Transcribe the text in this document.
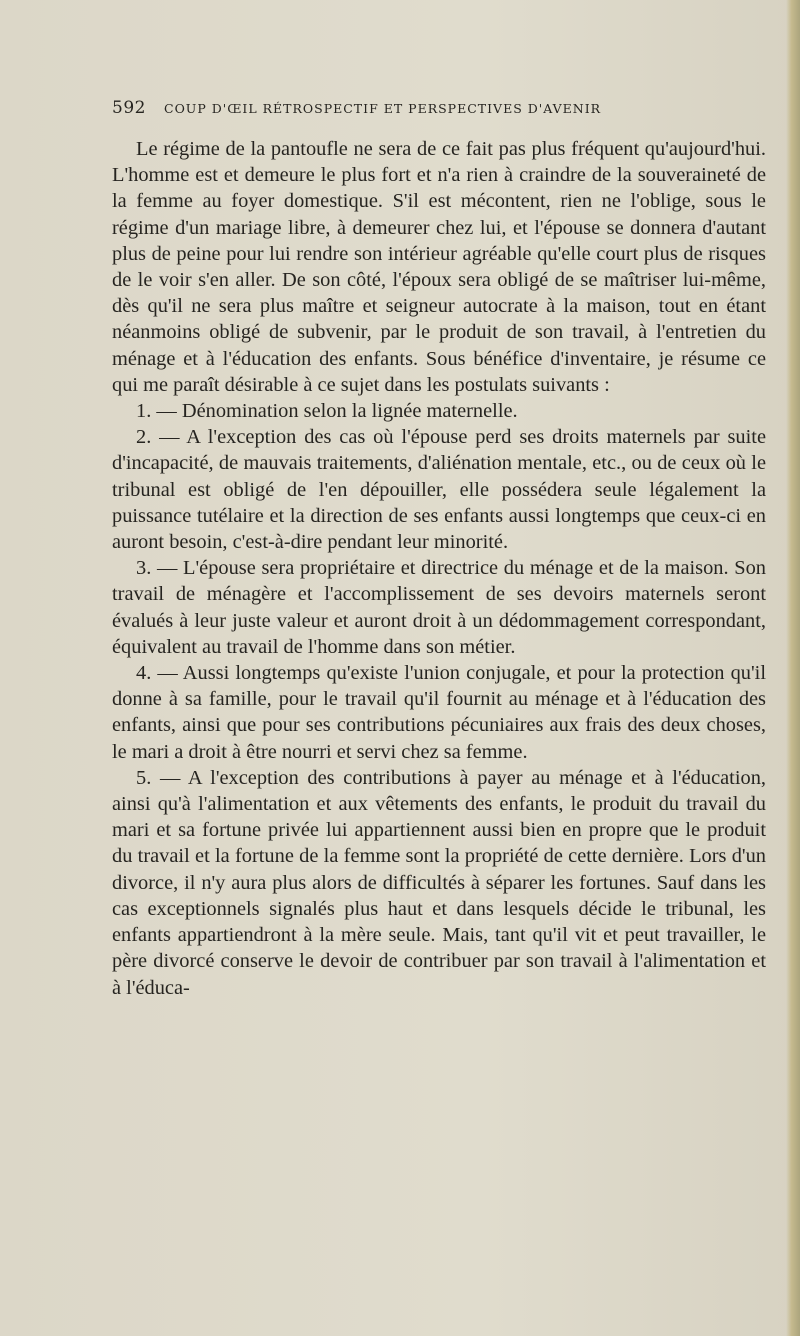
592 COUP D'ŒIL RÉTROSPECTIF ET PERSPECTIVES D'AVENIR

Le régime de la pantoufle ne sera de ce fait pas plus fréquent qu'aujourd'hui. L'homme est et demeure le plus fort et n'a rien à craindre de la souveraineté de la femme au foyer domestique. S'il est mécontent, rien ne l'oblige, sous le régime d'un mariage libre, à demeurer chez lui, et l'épouse se donnera d'autant plus de peine pour lui rendre son intérieur agréable qu'elle court plus de risques de le voir s'en aller. De son côté, l'époux sera obligé de se maîtriser lui-même, dès qu'il ne sera plus maître et seigneur autocrate à la maison, tout en étant néanmoins obligé de subvenir, par le produit de son travail, à l'entretien du ménage et à l'éducation des enfants. Sous bénéfice d'inventaire, je résume ce qui me paraît désirable à ce sujet dans les postulats suivants :

1. — Dénomination selon la lignée maternelle.

2. — A l'exception des cas où l'épouse perd ses droits maternels par suite d'incapacité, de mauvais traitements, d'aliénation mentale, etc., ou de ceux où le tribunal est obligé de l'en dépouiller, elle possédera seule légalement la puissance tutélaire et la direction de ses enfants aussi longtemps que ceux-ci en auront besoin, c'est-à-dire pendant leur minorité.

3. — L'épouse sera propriétaire et directrice du ménage et de la maison. Son travail de ménagère et l'accomplissement de ses devoirs maternels seront évalués à leur juste valeur et auront droit à un dédommagement correspondant, équivalent au travail de l'homme dans son métier.

4. — Aussi longtemps qu'existe l'union conjugale, et pour la protection qu'il donne à sa famille, pour le travail qu'il fournit au ménage et à l'éducation des enfants, ainsi que pour ses contributions pécuniaires aux frais des deux choses, le mari a droit à être nourri et servi chez sa femme.

5. — A l'exception des contributions à payer au ménage et à l'éducation, ainsi qu'à l'alimentation et aux vêtements des enfants, le produit du travail du mari et sa fortune privée lui appartiennent aussi bien en propre que le produit du travail et la fortune de la femme sont la propriété de cette dernière. Lors d'un divorce, il n'y aura plus alors de difficultés à séparer les fortunes. Sauf dans les cas exceptionnels signalés plus haut et dans lesquels décide le tribunal, les enfants appartiendront à la mère seule. Mais, tant qu'il vit et peut travailler, le père divorcé conserve le devoir de contribuer par son travail à l'alimentation et à l'éduca-
